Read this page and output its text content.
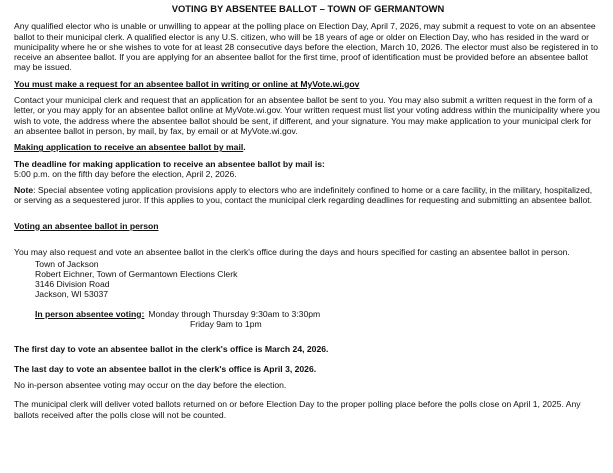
VOTING BY ABSENTEE BALLOT – TOWN OF GERMANTOWN

Any qualified elector who is unable or unwilling to appear at the polling place on Election Day, April 7, 2026, may submit a request to vote on an absentee ballot to their municipal clerk. A qualified elector is any U.S. citizen, who will be 18 years of age or older on Election Day, who has resided in the ward or municipality where he or she wishes to vote for at least 28 consecutive days before the election, March 10, 2026. The elector must also be registered in to receive an absentee ballot. If you are applying for an absentee ballot for the first time, proof of identification must be provided before an absentee ballot may be issued.

You must make a request for an absentee ballot in writing or online at MyVote.wi.gov

Contact your municipal clerk and request that an application for an absentee ballot be sent to you. You may also submit a written request in the form of a letter, or you may apply for an absentee ballot online at MyVote.wi.gov. Your written request must list your voting address within the municipality where you wish to vote, the address where the absentee ballot should be sent, if different, and your signature. You may make application to your municipal clerk for an absentee ballot in person, by mail, by fax, by email or at MyVote.wi.gov.

Making application to receive an absentee ballot by mail.

The deadline for making application to receive an absentee ballot by mail is:

5:00 p.m. on the fifth day before the election, April 2, 2026.

Note: Special absentee voting application provisions apply to electors who are indefinitely confined to home or a care facility, in the military, hospitalized, or serving as a sequestered juror. If this applies to you, contact the municipal clerk regarding deadlines for requesting and submitting an absentee ballot.

Voting an absentee ballot in person

You may also request and vote an absentee ballot in the clerk's office during the days and hours specified for casting an absentee ballot in person.

Town of Jackson

Robert Eichner, Town of Germantown Elections Clerk

3146 Division Road

Jackson, WI 53037

In person absentee voting: Monday through Thursday 9:30am to 3:30pm
Friday 9am to 1pm

The first day to vote an absentee ballot in the clerk's office is March 24, 2026.

The last day to vote an absentee ballot in the clerk's office is April 3, 2026.

No in-person absentee voting may occur on the day before the election.

The municipal clerk will deliver voted ballots returned on or before Election Day to the proper polling place before the polls close on April 1, 2025. Any ballots received after the polls close will not be counted.
